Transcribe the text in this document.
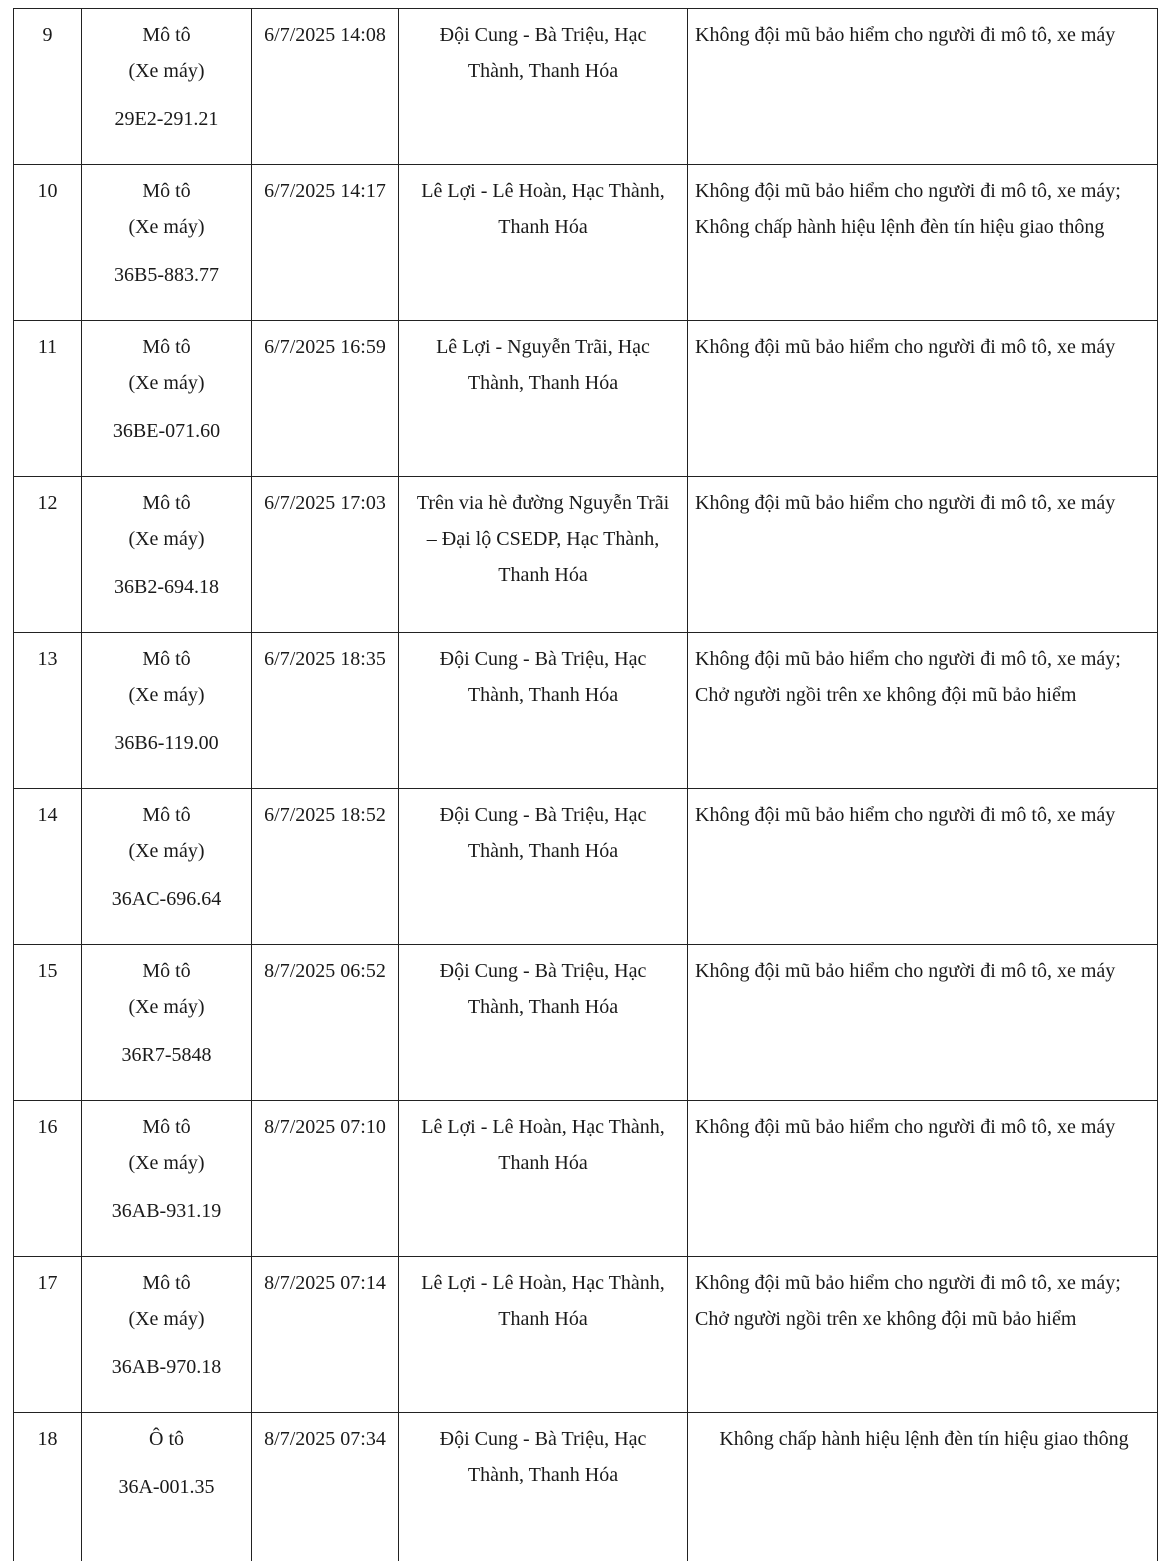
9	Mô tô
(Xe máy)
29E2-291.21	6/7/2025 14:08	Đội Cung - Bà Triệu, Hạc
Thành, Thanh Hóa	Không đội mũ bảo hiểm cho người đi mô tô, xe máy

10	Mô tô
(Xe máy)
36B5-883.77	6/7/2025 14:17	Lê Lợi - Lê Hoàn, Hạc Thành,
Thanh Hóa	Không đội mũ bảo hiểm cho người đi mô tô, xe máy;
Không chấp hành hiệu lệnh đèn tín hiệu giao thông

11	Mô tô
(Xe máy)
36BE-071.60	6/7/2025 16:59	Lê Lợi - Nguyễn Trãi, Hạc
Thành, Thanh Hóa	Không đội mũ bảo hiểm cho người đi mô tô, xe máy

12	Mô tô
(Xe máy)
36B2-694.18	6/7/2025 17:03	Trên via hè đường Nguyễn Trãi
– Đại lộ CSEDP, Hạc Thành,
Thanh Hóa	Không đội mũ bảo hiểm cho người đi mô tô, xe máy

13	Mô tô
(Xe máy)
36B6-119.00	6/7/2025 18:35	Đội Cung - Bà Triệu, Hạc
Thành, Thanh Hóa	Không đội mũ bảo hiểm cho người đi mô tô, xe máy;
Chở người ngồi trên xe không đội mũ bảo hiểm

14	Mô tô
(Xe máy)
36AC-696.64	6/7/2025 18:52	Đội Cung - Bà Triệu, Hạc
Thành, Thanh Hóa	Không đội mũ bảo hiểm cho người đi mô tô, xe máy

15	Mô tô
(Xe máy)
36R7-5848	8/7/2025 06:52	Đội Cung - Bà Triệu, Hạc
Thành, Thanh Hóa	Không đội mũ bảo hiểm cho người đi mô tô, xe máy

16	Mô tô
(Xe máy)
36AB-931.19	8/7/2025 07:10	Lê Lợi - Lê Hoàn, Hạc Thành,
Thanh Hóa	Không đội mũ bảo hiểm cho người đi mô tô, xe máy

17	Mô tô
(Xe máy)
36AB-970.18	8/7/2025 07:14	Lê Lợi - Lê Hoàn, Hạc Thành,
Thanh Hóa	Không đội mũ bảo hiểm cho người đi mô tô, xe máy;
Chở người ngồi trên xe không đội mũ bảo hiểm

18	Ô tô
36A-001.35	8/7/2025 07:34	Đội Cung - Bà Triệu, Hạc
Thành, Thanh Hóa	Không chấp hành hiệu lệnh đèn tín hiệu giao thông
